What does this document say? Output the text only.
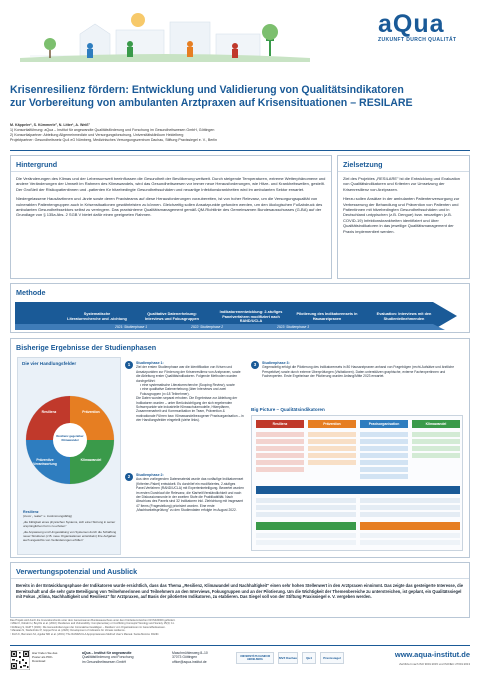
aQua
ZUKUNFT DURCH QUALITÄT
Krisenresilienz fördern: Entwicklung und Validierung von Qualitätsindikatoren
zur Vorbereitung von ambulanten Arztpraxen auf Krisensituationen – RESILARE
M. Käppeler¹, S. Kümmerle², N. Litter¹, A. Weiß²
1) Konsortialführung: aQua – Institut für angewandte Qualitätsförderung und Forschung im Gesundheitswesen GmbH, Göttingen
2) Konsortialpartner: Abteilung Allgemeinmedizin und Versorgungsforschung, Universitätsklinikum Heidelberg
Projektpartner: Gesundheitsnetz Qu4 eG Nürnberg, Medizinisches Versorgungszentrum Dachau, Stiftung Praxissiegel e. V., Berlin
Hintergrund

Die Veränderungen des Klimas und der Lebensumwelt beeinflussen die Gesundheit der Bevölkerung weltweit. Durch steigende Temperaturen, extreme Wetterphänomene und andere Veränderungen der Umwelt im Rahmen des Klimawandels, wird das Gesundheitswesen vor immer neue Herausforderungen, wie Hitze- und Krankheitswellen, gestellt. Der Großteil der Risikopatientinnen und -patienten für hitzebedingte Gesundheitsschäden und neuartige Infektionskrankheiten wird im ambulanten Sektor erwartet.

Niedergelassene Hausärztinnen und -ärzte sowie deren Praxisteams auf diese Herausforderungen vorzubereiten, ist von hoher Relevanz, um die Versorgungsqualität von vulnerablen Patientengruppen auch in Krisensituationen gewährleisten zu können. Gleichzeitig sollen Ansatzpunkte gefunden werden, um den ökologischen Fußabdruck des ambulanten Gesundheitssektors selbst zu verringern. Das praxisinterne Qualitätsmanagement gemäß QM-Richtlinie des Gemeinsamen Bundesausschusses (G-BA) auf der Grundlage von § 135a Abs. 2 SGB V bietet dafür einen geeigneten Rahmen.

Zielsetzung

Ziel des Projektes „RESILARE" ist die Entwicklung und Evaluation von Qualitätsindikatoren und Kriterien zur Umsetzung der Krisenresilienz von Arztpraxen.

Hierzu sollen Ansätze in der ambulanten Patientenversorgung zur Verbesserung der Behandlung und Prävention von Patienten und Patientinnen mit hitzebedingten Gesundheitsschäden und in Deutschland untypischen (z.B. Dengue) bzw. neuartigen (z.B. COVID-19) Infektionskrankheiten identifiziert und über Qualitätsindikatoren in das jeweilige Qualitätsmanagement der Praxis implementiert werden.

Methode
Systematische Literaturrecherche und -sichtung
Qualitative Datenerhebung: Interviews und Fokusgruppen
Indikatorenentwicklung: 2-stufiges Panelverfahren modifiziert nach RAND/UCLA
Pilotierung des Indikatorensets in Hausarztpraxen
Evaluation: Interviews mit den Studienteilnehmenden
2021: Studienphase 1	2022: Studienphase 2	2023: Studienphase 3
Bisherige Ergebnisse der Studienphasen
Die vier Handlungsfelder
Resilienz	Prävention
Präventive Verantwortung
Klimawandel
Resilienz gegenüber Klimawandel
Resilienz
(zuvor „ realer" u. zustimmungsfähig)
„die Fähigkeit eines physischen Systems, sich einer Störung in seiner ursprünglichen Form zu erholen"
„die Anpassung und Umgestaltung von Systemen durch die Schaffung neuer Strukturen (z.B. neue Organisationen entwickeln) ihre Aufgaben auch angesichts von Veränderungen erfüllen"
1	Studienphase 1:
Ziel der ersten Studienphase war die Identifikation von Krisen und Ansatzpunkten zur Förderung der Krisenresilienz von Arztpraxen, sowie die Ableitung erster Qualitätsindikatoren. Folgende Methoden wurden durchgeführt:
• eine systematische Literaturrecherche (Scoping Review), sowie
• eine qualitative Datenerhebung (über Interviews und zwei Fokusgruppen (n=18 Teilnehmer).
Die Daten wurden separat erhoben. Die Ergebnisse zur Ableitung der Indikatoren wurden – unter Berücksichtigung der sich ergebenden Schwerpunkte wie industrielle Klimaschutzmodelle, Hitzeplänen, Zusammenarbeit und Kommunikation im Team, Prävention & motivationale Führen bzw. Klimawandelbezogener Praxisorganisation – in vier Handlungsfelder eingeteilt (siehe links).
2	Studienphase 2:
Aus dem vorliegenden Datenmaterial wurde das vorläufige Indikatorenset (Kriterien-Paket) entwickelt. Es durchlief ein modifiziertes, 2-stufiges Panel-Verfahren (RAND/UCLA) mit Expertenbeteiligung. Bewertet wurden im ersten Durchlauf die Relevanz, die Klarheit/Verständlichkeit und nach der Diskussionsrunde in der zweiten Stufe die Praktikabilität. Nach Abschluss des Panels sind 32 Indikatoren inkl. Zielrichtung mit insgesamt 47 Items (Fragestellung) priorisiert worden. Eine erste „Machbarkeitsprüfung" zu den Studiendaten erfolgte im August 2022.
3	Studienphase 3:
Gegenwärtig erfolgt die Pilotierung des Indikatorensets in 80 Hausarztpraxen anhand von Fragebögen (recht-Aufsätze und ärztliche Perspektive) sowie durch externe Überprüfungen (Visitationen). Daten unterstützen graphische, externe Fachexpertinnen und Fachexperten. Erste Ergebnisse der Pilotierung wurden Anfang/Mitte 2023 erwartet.
Big Picture – Qualitätsindikatoren
Resilienz	Prävention	Praxisorganisation	Klimawandel
Verwertungspotenzial und Ausblick
Bereits in der Entwicklungsphase der Indikatoren wurde ersichtlich, dass das Thema „Resilienz, Klimawandel und Nachhaltigkeit" einen sehr hohen Stellenwert in den Arztpraxen einnimmt. Das zeigte das gesteigerte Interesse, die Bereitschaft und die sehr gute Beteiligung von Teilnehmerinnen und Teilnehmern an den Interviews, Fokusgruppen und an der Pilotierung. Um die Wichtigkeit der Themenbereiche zu unterstreichen, ist geplant, ein Qualitätssiegel mit Fokus „Klima, Nachhaltigkeit und Resilienz" für Arztpraxen, auf Basis der pilotierten Indikatoren, zu etablieren. Das Siegel soll von der Stiftung Praxissiegel e. V. vergeben werden.
Das Projekt wird durch die Innovationsfonds unter dem Gemeinsamen Bundesausschuss unter dem Förderkennzeichen 01VSF20009 gefördert.
¹ Miller F, Osbahr H, Boyd E et al. (2010): Resilience and Vulnerability: Complementary or Conflicting Concepts? Ecology and Society 15(3): 11.
² Roßberg S, Reiff T (2021): Die Herausforderungen der Coronakrise bewältigen – Resilienz von Organisationen im Gesundheitswesen.
³ Manatas N, Stiefenhofer P, Göppel M et al. (2020): Development of indicators for climate resilience.
⁴ Fitch K, Bernstein SJ, Aguilar MD et al. (2001): The RAND/UCLA Appropriateness Method User's Manual. Santa Monica: RAND.
Hier finden Sie das Poster als PDF-Download
aQua – Institut für angewandte
Qualitätsförderung und Forschung
im Gesundheitswesen GmbH
Maschmühlenweg 8–10
37073 Göttingen
office@aqua-institut.de
UNIVERSITÄTS KLINIKUM HEIDELBERG	MVZ Dachau	Qu4	Praxissiegel	www.aqua-institut.de
Zertifiziert nach ISO 9001:2015 und ISO/IEC 27001:2013
